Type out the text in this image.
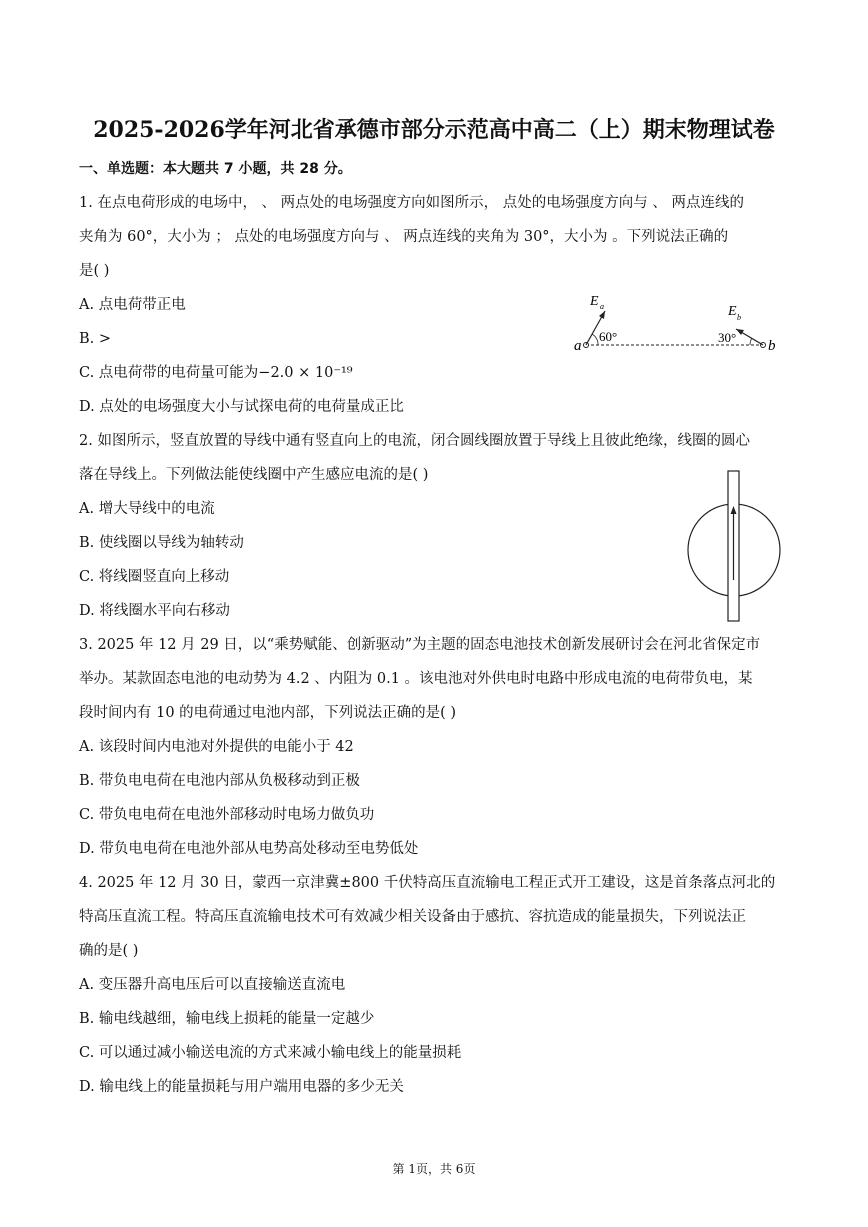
2025-2026学年河北省承德市部分示范高中高二（上）期末物理试卷
一、单选题：本大题共 7 小题，共 28 分。
1. 在点电荷形成的电场中， 、 两点处的电场强度方向如图所示， 点处的电场强度方向与 、 两点连线的
夹角为 60°，大小为 ； 点处的电场强度方向与 、 两点连线的夹角为 30°，大小为 。下列说法正确的
是( )
A. 点电荷带正电
B. >
C. 点电荷带的电荷量可能为−2.0 × 10⁻¹⁹
D. 点处的电场强度大小与试探电荷的电荷量成正比
a	b
E a	E b
60°	30°
2. 如图所示，竖直放置的导线中通有竖直向上的电流，闭合圆线圈放置于导线上且彼此绝缘，线圈的圆心
落在导线上。下列做法能使线圈中产生感应电流的是( )
A. 增大导线中的电流
B. 使线圈以导线为轴转动
C. 将线圈竖直向上移动
D. 将线圈水平向右移动
3. 2025 年 12 月 29 日，以“乘势赋能、创新驱动”为主题的固态电池技术创新发展研讨会在河北省保定市
举办。某款固态电池的电动势为 4.2 、内阻为 0.1 。该电池对外供电时电路中形成电流的电荷带负电，某
段时间内有 10 的电荷通过电池内部，下列说法正确的是( )
A. 该段时间内电池对外提供的电能小于 42
B. 带负电电荷在电池内部从负极移动到正极
C. 带负电电荷在电池外部移动时电场力做负功
D. 带负电电荷在电池外部从电势高处移动至电势低处
4. 2025 年 12 月 30 日，蒙西一京津冀±800 千伏特高压直流输电工程正式开工建设，这是首条落点河北的
特高压直流工程。特高压直流输电技术可有效减少相关设备由于感抗、容抗造成的能量损失，下列说法正
确的是( )
A. 变压器升高电压后可以直接输送直流电
B. 输电线越细，输电线上损耗的能量一定越少
C. 可以通过减小输送电流的方式来减小输电线上的能量损耗
D. 输电线上的能量损耗与用户端用电器的多少无关
第 1页，共 6页
